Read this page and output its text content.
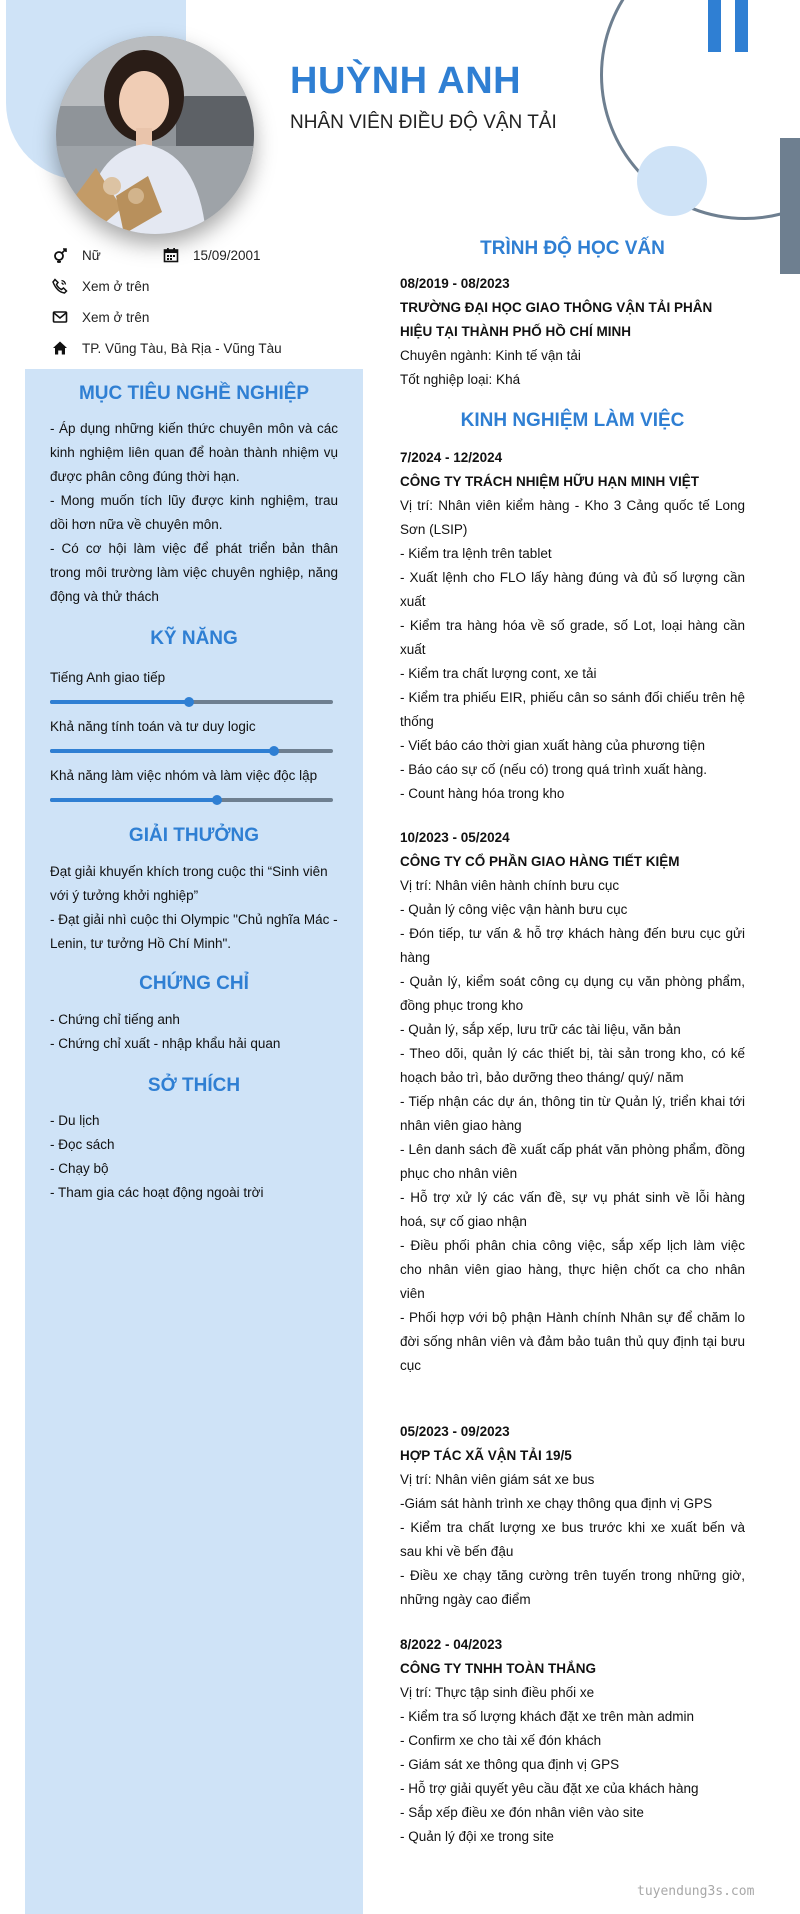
HUỲNH ANH
NHÂN VIÊN ĐIỀU ĐỘ VẬN TẢI
Nữ	15/09/2001
Xem ở trên
Xem ở trên
TP. Vũng Tàu, Bà Rịa - Vũng Tàu
MỤC TIÊU NGHỀ NGHIỆP

- Áp dụng những kiến thức chuyên môn và các kinh nghiệm liên quan để hoàn thành nhiệm vụ được phân công đúng thời hạn.

- Mong muốn tích lũy được kinh nghiệm, trau dồi hơn nữa về chuyên môn.

- Có cơ hội làm việc để phát triển bản thân trong môi trường làm việc chuyên nghiệp, năng động và thử thách

KỸ NĂNG
Tiếng Anh giao tiếp
Khả năng tính toán và tư duy logic
Khả năng làm việc nhóm và làm việc độc lập
GIẢI THƯỞNG

Đạt giải khuyến khích trong cuộc thi “Sinh viên với ý tưởng khởi nghiệp”

- Đạt giải nhì cuộc thi Olympic "Chủ nghĩa Mác - Lenin, tư tưởng Hồ Chí Minh".

CHỨNG CHỈ

- Chứng chỉ tiếng anh

- Chứng chỉ xuất - nhập khẩu hải quan

SỞ THÍCH

- Du lịch

- Đọc sách

- Chạy bộ

- Tham gia các hoạt động ngoài trời

TRÌNH ĐỘ HỌC VẤN
08/2019 - 08/2023
TRƯỜNG ĐẠI HỌC GIAO THÔNG VẬN TẢI PHÂN HIỆU TẠI THÀNH PHỐ HỒ CHÍ MINH
Chuyên ngành: Kinh tế vận tải
Tốt nghiệp loại: Khá
KINH NGHIỆM LÀM VIỆC
7/2024 - 12/2024
CÔNG TY TRÁCH NHIỆM HỮU HẠN MINH VIỆT
Vị trí: Nhân viên kiểm hàng - Kho 3 Cảng quốc tế Long Sơn (LSIP)
- Kiểm tra lệnh trên tablet
- Xuất lệnh cho FLO lấy hàng đúng và đủ số lượng cần xuất
- Kiểm tra hàng hóa về số grade, số Lot, loại hàng cần xuất
- Kiểm tra chất lượng cont, xe tải
- Kiểm tra phiếu EIR, phiếu cân so sánh đối chiếu trên hệ thống
- Viết báo cáo thời gian xuất hàng của phương tiện
- Báo cáo sự cố (nếu có) trong quá trình xuất hàng.
- Count hàng hóa trong kho
10/2023 - 05/2024
CÔNG TY CỔ PHẦN GIAO HÀNG TIẾT KIỆM
Vị trí: Nhân viên hành chính bưu cục
- Quản lý công việc vận hành bưu cục
- Đón tiếp, tư vấn & hỗ trợ khách hàng đến bưu cục gửi hàng
- Quản lý, kiểm soát công cụ dụng cụ văn phòng phẩm, đồng phục trong kho
- Quản lý, sắp xếp, lưu trữ các tài liệu, văn bản
- Theo dõi, quản lý các thiết bị, tài sản trong kho, có kế hoạch bảo trì, bảo dưỡng theo tháng/ quý/ năm
- Tiếp nhận các dự án, thông tin từ Quản lý, triển khai tới nhân viên giao hàng
- Lên danh sách đề xuất cấp phát văn phòng phẩm, đồng phục cho nhân viên
- Hỗ trợ xử lý các vấn đề, sự vụ phát sinh về lỗi hàng hoá, sự cố giao nhận
- Điều phối phân chia công việc, sắp xếp lịch làm việc cho nhân viên giao hàng, thực hiện chốt ca cho nhân viên
- Phối hợp với bộ phận Hành chính Nhân sự để chăm lo đời sống nhân viên và đảm bảo tuân thủ quy định tại bưu cục
05/2023 - 09/2023
HỢP TÁC XÃ VẬN TẢI 19/5
Vị trí: Nhân viên giám sát xe bus
-Giám sát hành trình xe chạy thông qua định vị GPS
- Kiểm tra chất lượng xe bus trước khi xe xuất bến và sau khi về bến đậu
- Điều xe chạy tăng cường trên tuyến trong những giờ, những ngày cao điểm
8/2022 - 04/2023
CÔNG TY TNHH TOÀN THẮNG
Vị trí: Thực tập sinh điều phối xe
- Kiểm tra số lượng khách đặt xe trên màn admin
- Confirm xe cho tài xế đón khách
- Giám sát xe thông qua định vị GPS
- Hỗ trợ giải quyết yêu cầu đặt xe của khách hàng
- Sắp xếp điều xe đón nhân viên vào site
- Quản lý đội xe trong site
tuyendung3s.com
